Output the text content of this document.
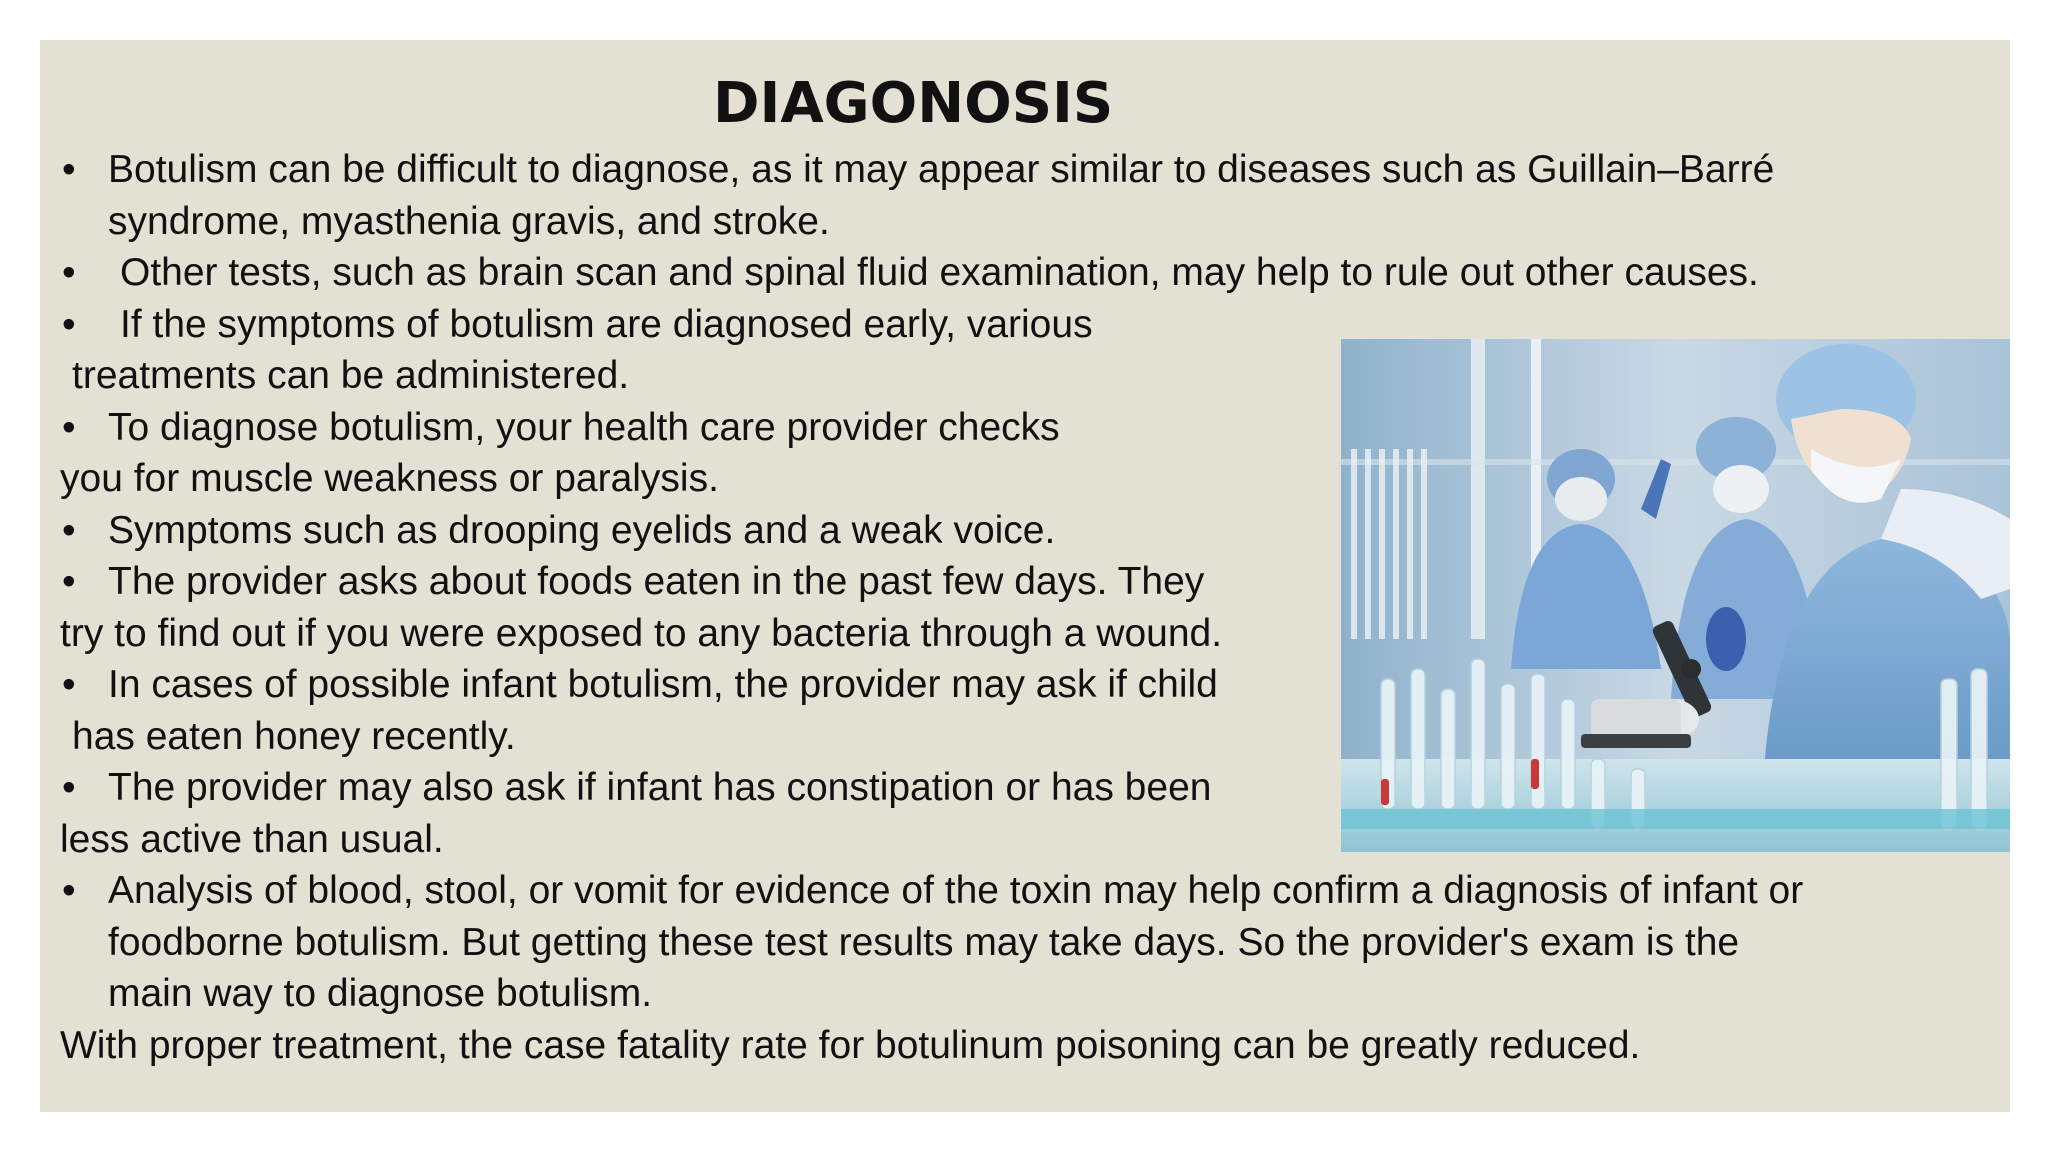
DIAGONOSIS
• Botulism can be difficult to diagnose, as it may appear similar to diseases such as Guillain–Barré
syndrome, myasthenia gravis, and stroke.
• Other tests, such as brain scan and spinal fluid examination, may help to rule out other causes.
• If the symptoms of botulism are diagnosed early, various
treatments can be administered.
• To diagnose botulism, your health care provider checks
you for muscle weakness or paralysis.
• Symptoms such as drooping eyelids and a weak voice.
• The provider asks about foods eaten in the past few days. They
try to find out if you were exposed to any bacteria through a wound.
• In cases of possible infant botulism, the provider may ask if child
has eaten honey recently.
• The provider may also ask if infant has constipation or has been
less active than usual.
• Analysis of blood, stool, or vomit for evidence of the toxin may help confirm a diagnosis of infant or
foodborne botulism. But getting these test results may take days. So the provider's exam is the
main way to diagnose botulism.
With proper treatment, the case fatality rate for botulinum poisoning can be greatly reduced.
